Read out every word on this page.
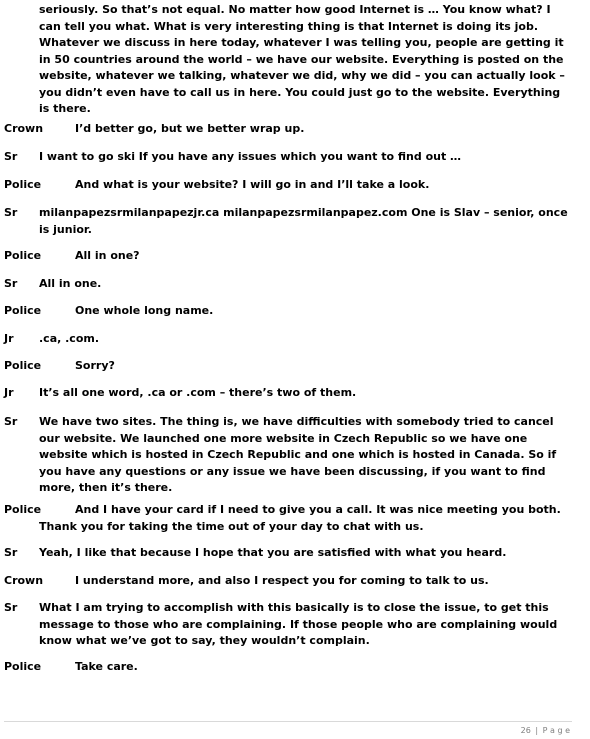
seriously. So that’s not equal. No matter how good Internet is … You know what? I can tell you what. What is very interesting thing is that Internet is doing its job. Whatever we discuss in here today, whatever I was telling you, people are getting it in 50 countries around the world – we have our website. Everything is posted on the website, whatever we talking, whatever we did, why we did – you can actually look – you didn’t even have to call us in here. You could just go to the website. Everything is there.
Crown	I’d better go, but we better wrap up.
Sr I want to go ski If you have any issues which you want to find out …
Police	And what is your website? I will go in and I’ll take a look.
Sr milanpapezsrmilanpapezjr.ca milanpapezsrmilanpapez.com One is Slav – senior, once is junior.
Police	All in one?
Sr All in one.
Police	One whole long name.
Jr .ca, .com.
Police	Sorry?
Jr It’s all one word, .ca or .com – there’s two of them.
Sr We have two sites. The thing is, we have difficulties with somebody tried to cancel our website. We launched one more website in Czech Republic so we have one website which is hosted in Czech Republic and one which is hosted in Canada. So if you have any questions or any issue we have been discussing, if you want to find more, then it’s there.
Police	And I have your card if I need to give you a call. It was nice meeting you both. Thank you for taking the time out of your day to chat with us.
Sr Yeah, I like that because I hope that you are satisfied with what you heard.
Crown	I understand more, and also I respect you for coming to talk to us.
Sr What I am trying to accomplish with this basically is to close the issue, to get this message to those who are complaining. If those people who are complaining would know what we’ve got to say, they wouldn’t complain.
Police	Take care.
26 | P a g e
